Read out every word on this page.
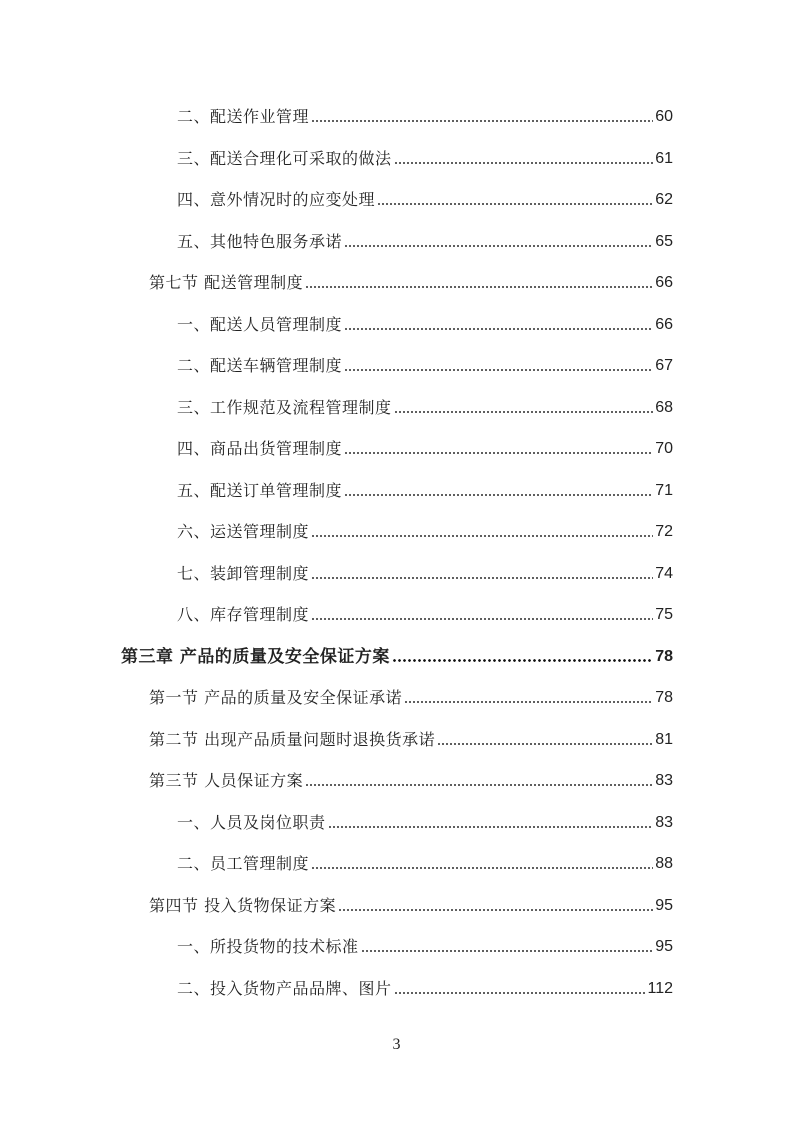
二、配送作业管理	60
三、配送合理化可采取的做法	61
四、意外情况时的应变处理	62
五、其他特色服务承诺	65
第七节 配送管理制度	66
一、配送人员管理制度	66
二、配送车辆管理制度	67
三、工作规范及流程管理制度	68
四、商品出货管理制度	70
五、配送订单管理制度	71
六、运送管理制度	72
七、装卸管理制度	74
八、库存管理制度	75
第三章 产品的质量及安全保证方案	78
第一节 产品的质量及安全保证承诺	78
第二节 出现产品质量问题时退换货承诺	81
第三节 人员保证方案	83
一、人员及岗位职责	83
二、员工管理制度	88
第四节 投入货物保证方案	95
一、所投货物的技术标准	95
二、投入货物产品品牌、图片	112
3
